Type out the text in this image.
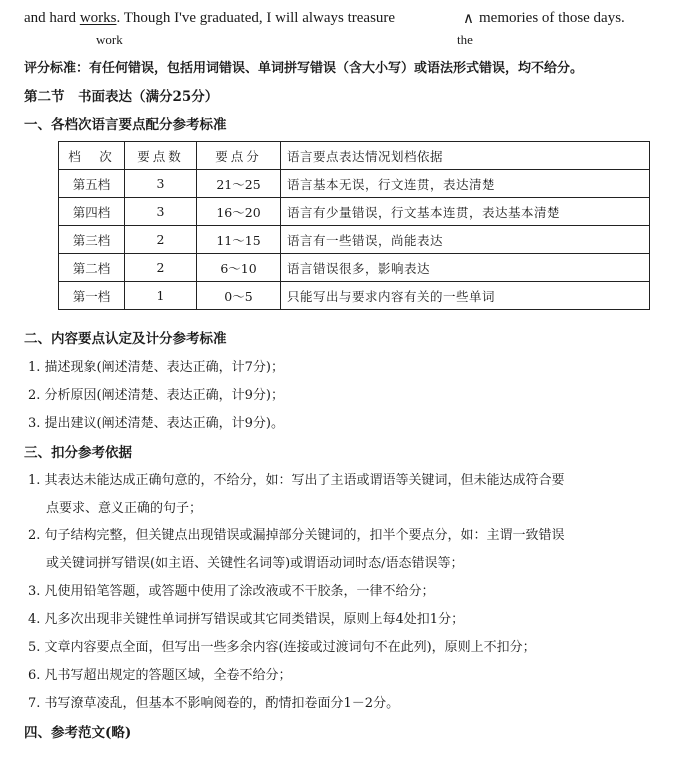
and hard works. Though I've graduated, I will always treasure	∧ memories of those days.
work	the
评分标准：有任何错误，包括用词错误、单词拼写错误（含大小写）或语法形式错误，均不给分。
第二节　书面表达（满分25分）
一、各档次语言要点配分参考标准
档　次	要点数	要点分	语言要点表达情况划档依据
第五档	3	21～25	语言基本无误，行文连贯，表达清楚
第四档	3	16～20	语言有少量错误，行文基本连贯，表达基本清楚
第三档	2	11～15	语言有一些错误，尚能表达
第二档	2	6～10	语言错误很多，影响表达
第一档	1	0～5	只能写出与要求内容有关的一些单词
二、内容要点认定及计分参考标准
1. 描述现象(阐述清楚、表达正确，计7分)；
2. 分析原因(阐述清楚、表达正确，计9分)；
3. 提出建议(阐述清楚、表达正确，计9分)。
三、扣分参考依据
1. 其表达未能达成正确句意的，不给分，如：写出了主语或谓语等关键词，但未能达成符合要
点要求、意义正确的句子；
2. 句子结构完整，但关键点出现错误或漏掉部分关键词的，扣半个要点分，如：主谓一致错误
或关键词拼写错误(如主语、关键性名词等)或谓语动词时态/语态错误等；
3. 凡使用铅笔答题，或答题中使用了涂改液或不干胶条，一律不给分；
4. 凡多次出现非关键性单词拼写错误或其它同类错误，原则上每4处扣1分；
5. 文章内容要点全面，但写出一些多余内容(连接或过渡词句不在此列)，原则上不扣分；
6. 凡书写超出规定的答题区域，全卷不给分；
7. 书写潦草凌乱，但基本不影响阅卷的，酌情扣卷面分1－2分。
四、参考范文(略)
